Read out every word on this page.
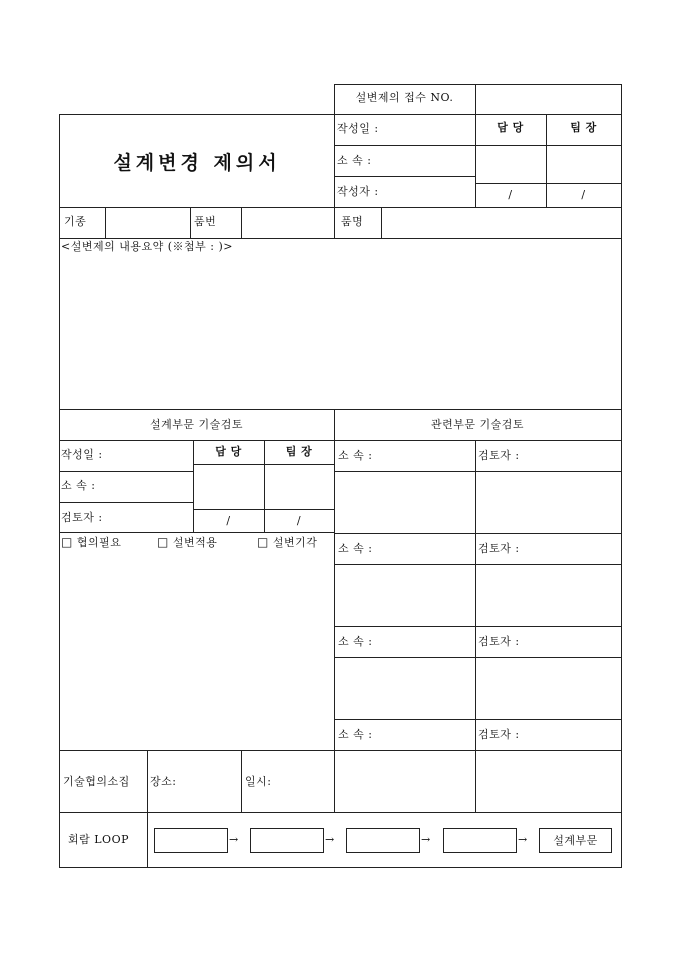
설변제의 접수 NO.
설계변경 제의서
작성일 :
소 속 :
작성자 :
담 당	팀 장
/	/
기종	품번	품명
<설변제의 내용요약 (※첨부 : )>
설계부문 기술검토	관련부문 기술검토
작성일 :
소 속 :
검토자 :
담 당	팀 장
/	/
□ 협의필요	□ 설변적용	□ 설변기각
소 속 :	검토자 :
소 속 :	검토자 :
소 속 :	검토자 :
소 속 :	검토자 :
기술협의소집 장소:	일시:
회람 LOOP	→	→	→	→	설계부문
